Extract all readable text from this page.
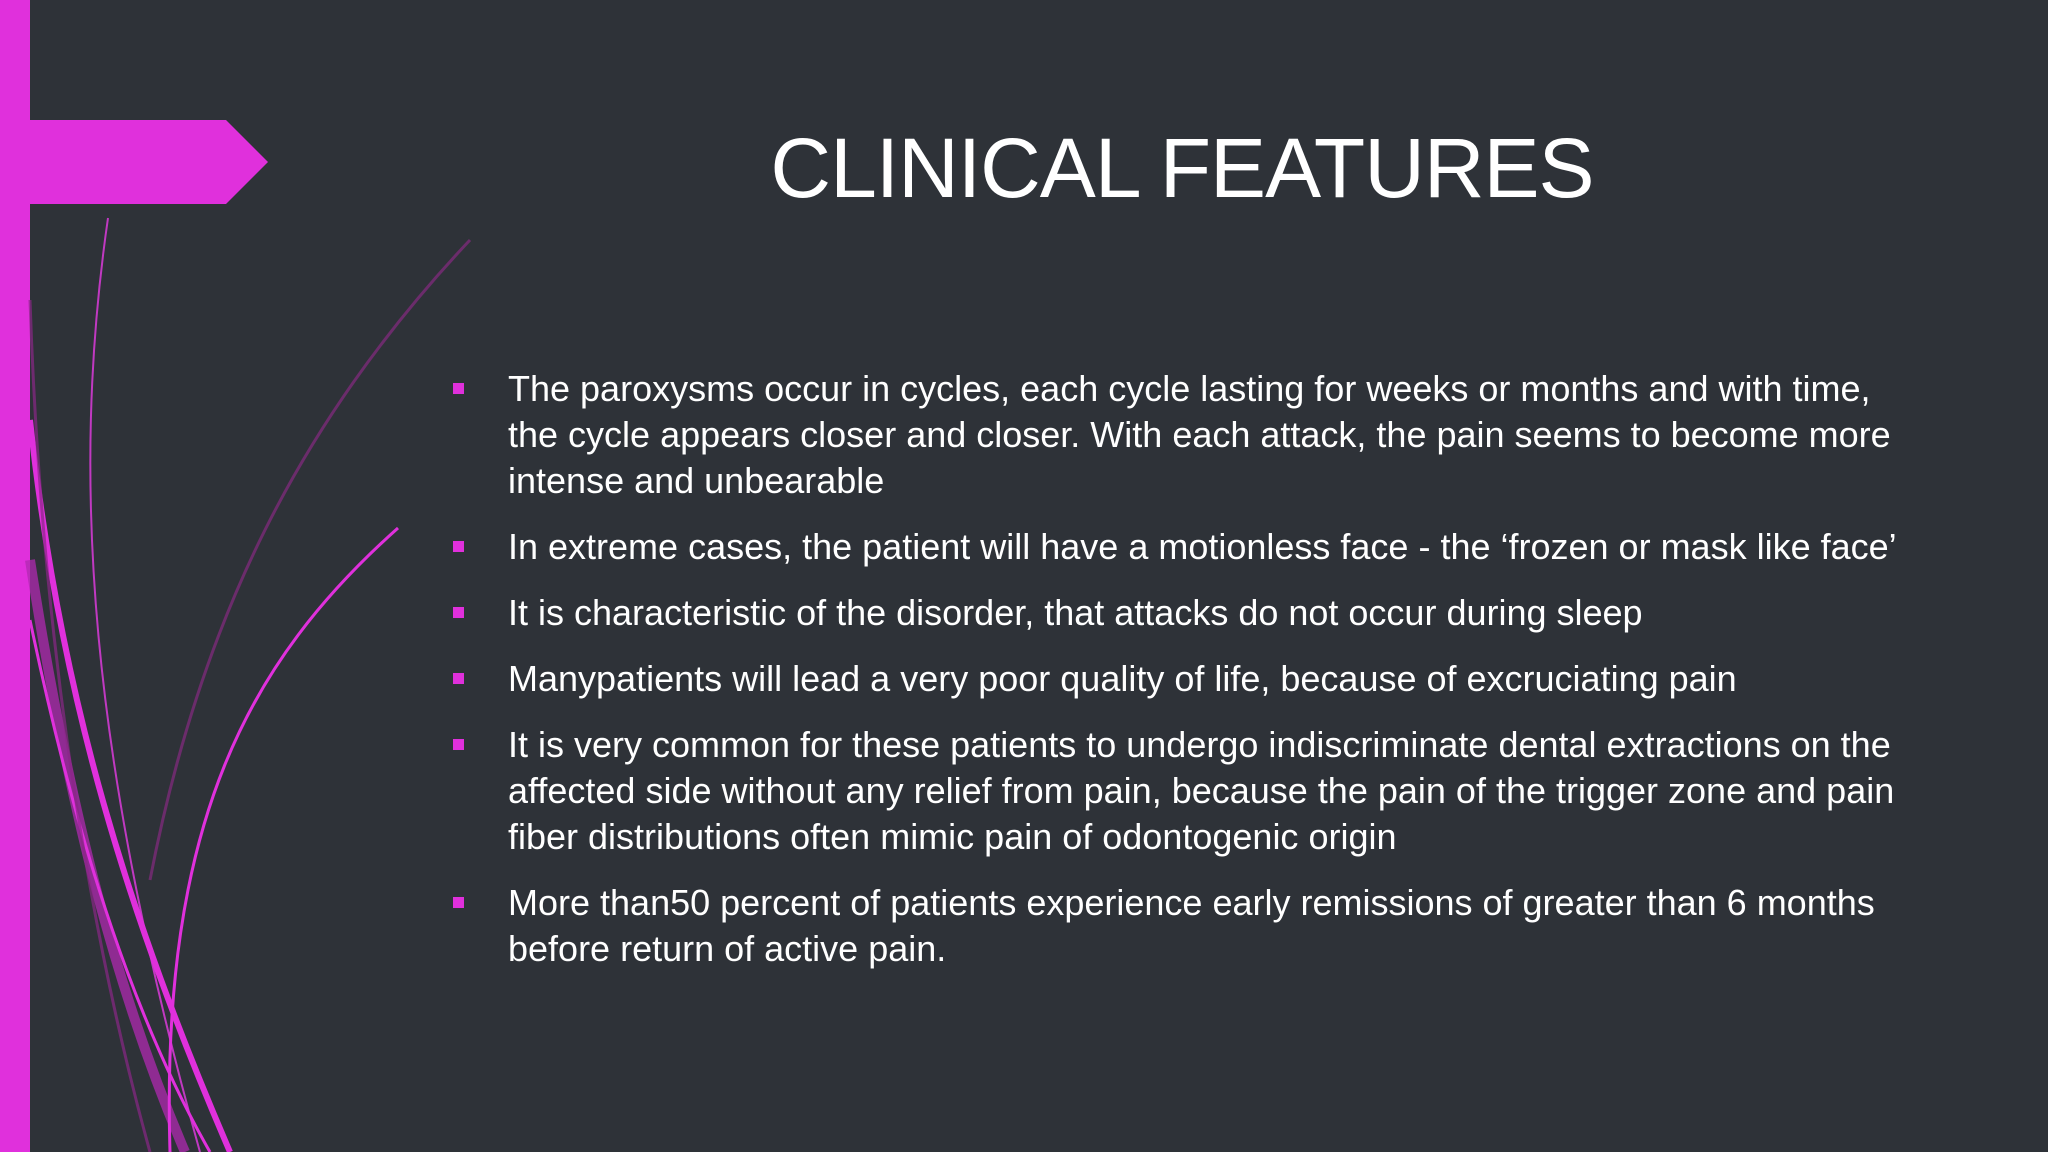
CLINICAL FEATURES
The paroxysms occur in cycles, each cycle lasting for weeks or months and with time, the cycle appears closer and closer. With each attack, the pain seems to become more intense and unbearable
In extreme cases, the patient will have a motionless face - the ‘frozen or mask like face’
It is characteristic of the disorder, that attacks do not occur during sleep
Manypatients will lead a very poor quality of life, because of excruciating pain
It is very common for these patients to undergo indiscriminate dental extractions on the affected side without any relief from pain, because the pain of the trigger zone and pain fiber distributions often mimic pain of odontogenic origin
More than50 percent of patients experience early remissions of greater than 6 months before return of active pain.
